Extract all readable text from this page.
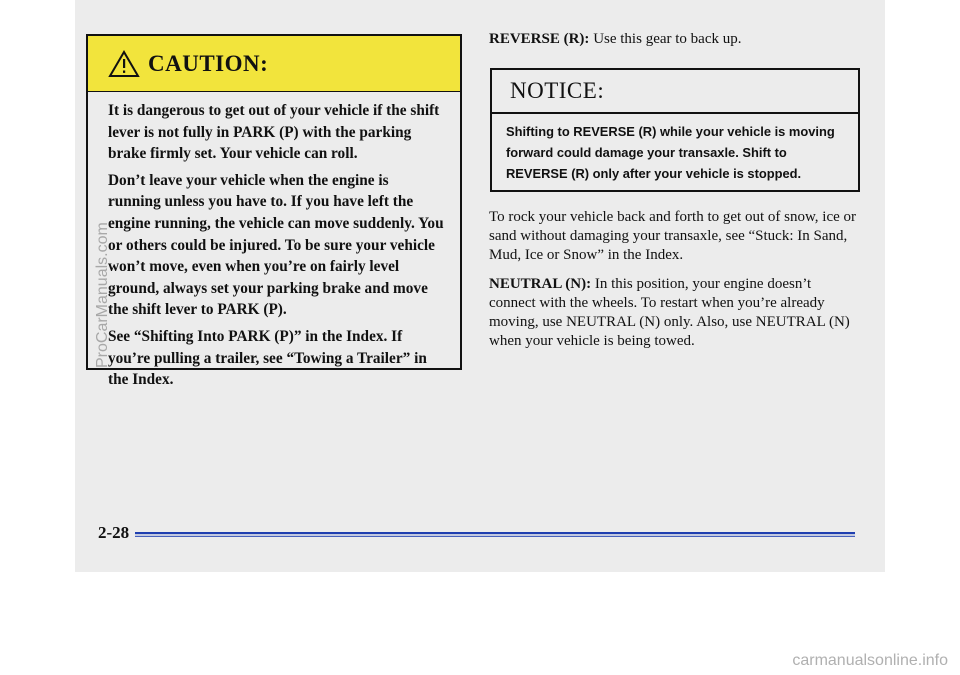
CAUTION:

It is dangerous to get out of your vehicle if the shift lever is not fully in PARK (P) with the parking brake firmly set. Your vehicle can roll.

Don’t leave your vehicle when the engine is running unless you have to. If you have left the engine running, the vehicle can move suddenly. You or others could be injured. To be sure your vehicle won’t move, even when you’re on fairly level ground, always set your parking brake and move the shift lever to PARK (P).

See “Shifting Into PARK (P)” in the Index. If you’re pulling a trailer, see “Towing a Trailer” in the Index.

REVERSE (R): Use this gear to back up.

NOTICE:
Shifting to REVERSE (R) while your vehicle is moving forward could damage your transaxle. Shift to REVERSE (R) only after your vehicle is stopped.

To rock your vehicle back and forth to get out of snow, ice or sand without damaging your transaxle, see “Stuck: In Sand, Mud, Ice or Snow” in the Index.

NEUTRAL (N): In this position, your engine doesn’t connect with the wheels. To restart when you’re already moving, use NEUTRAL (N) only. Also, use NEUTRAL (N) when your vehicle is being towed.

2-28
ProCarManuals.com
carmanualsonline.info
